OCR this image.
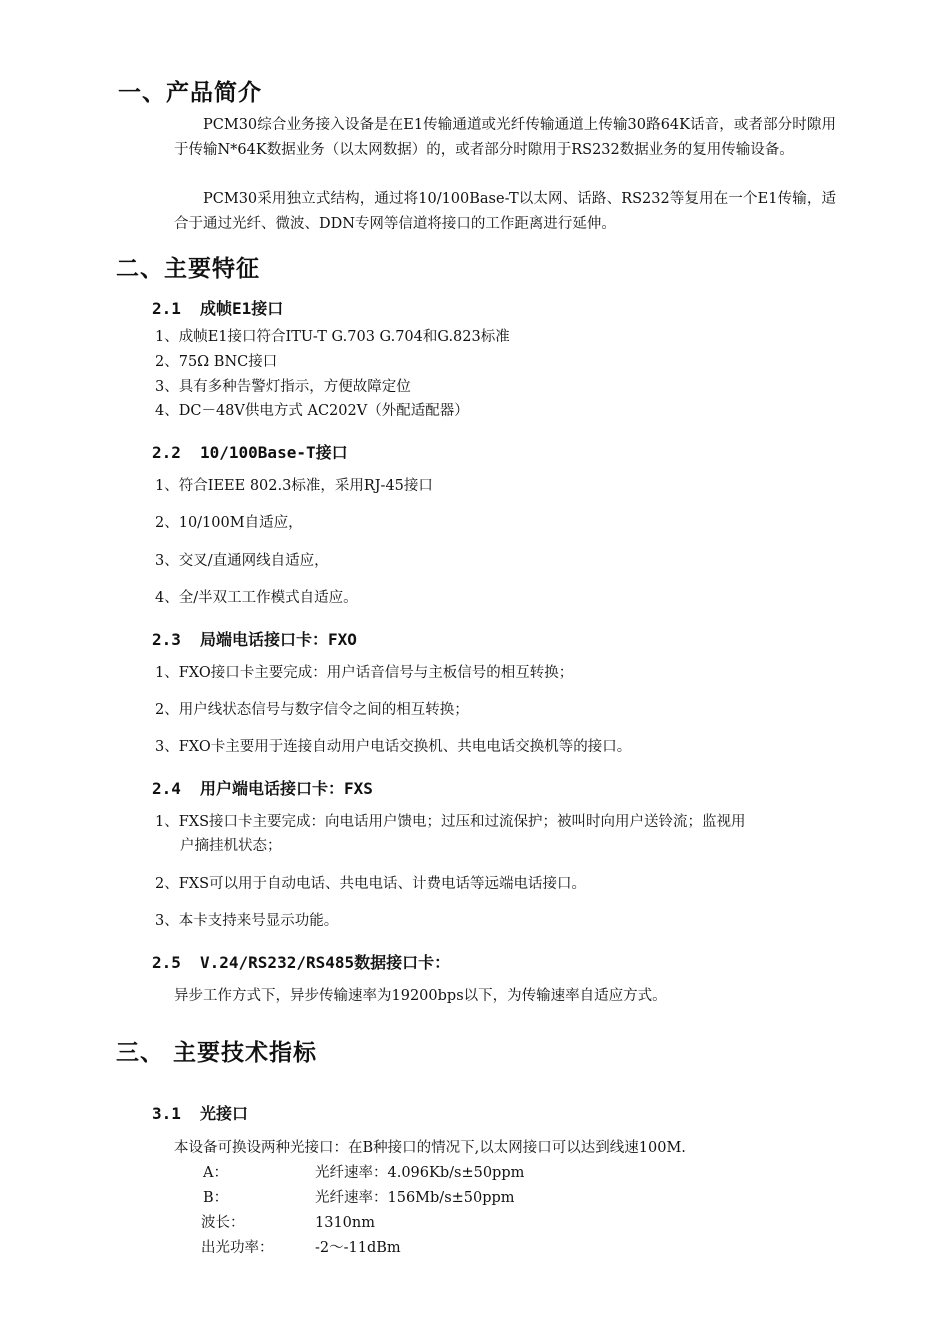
一、产品简介
PCM30综合业务接入设备是在E1传输通道或光纤传输通道上传输30路64K话音，或者部分时隙用于传输N*64K数据业务（以太网数据）的，或者部分时隙用于RS232数据业务的复用传输设备。
PCM30采用独立式结构，通过将10/100Base-T以太网、话路、RS232等复用在一个E1传输，适合于通过光纤、微波、DDN专网等信道将接口的工作距离进行延伸。
二、主要特征
2.1 成帧E1接口
1、成帧E1接口符合ITU-T G.703 G.704和G.823标准
2、75Ω BNC接口
3、具有多种告警灯指示，方便故障定位
4、DC－48V供电方式 AC202V（外配适配器）
2.2 10/100Base-T接口
1、符合IEEE 802.3标准，采用RJ-45接口
2、10/100M自适应，
3、交叉/直通网线自适应，
4、全/半双工工作模式自适应。
2.3 局端电话接口卡：FXO
1、FXO接口卡主要完成：用户话音信号与主板信号的相互转换；
2、用户线状态信号与数字信令之间的相互转换；
3、FXO卡主要用于连接自动用户电话交换机、共电电话交换机等的接口。
2.4 用户端电话接口卡：FXS
1、FXS接口卡主要完成：向电话用户馈电；过压和过流保护；被叫时向用户送铃流；监视用
户摘挂机状态；
2、FXS可以用于自动电话、共电电话、计费电话等远端电话接口。
3、本卡支持来号显示功能。
2.5 V.24/RS232/RS485数据接口卡：
异步工作方式下，异步传输速率为19200bps以下，为传输速率自适应方式。
三、 主要技术指标
3.1 光接口
本设备可换设两种光接口：在B种接口的情况下,以太网接口可以达到线速100M.
A：	光纤速率：4.096Kb/s±50ppm
B：	光纤速率：156Mb/s±50ppm
波长：	1310nm
出光功率：	-2～-11dBm
